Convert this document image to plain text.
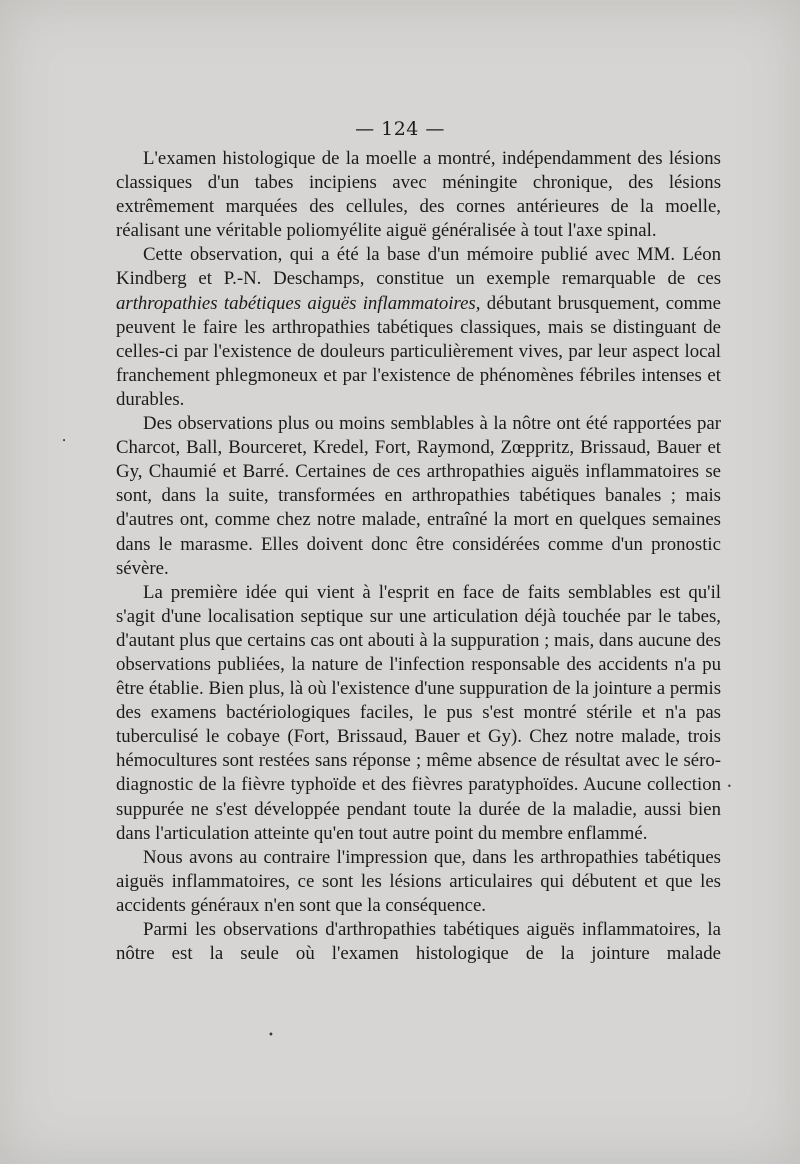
— 124 —

L'examen histologique de la moelle a montré, indépendamment des lésions classiques d'un tabes incipiens avec méningite chronique, des lésions extrêmement marquées des cellules, des cornes antérieures de la moelle, réalisant une véritable poliomyélite aiguë généralisée à tout l'axe spinal.

Cette observation, qui a été la base d'un mémoire publié avec MM. Léon Kindberg et P.-N. Deschamps, constitue un exemple remarquable de ces arthropathies tabétiques aiguës inflammatoires, débutant brusquement, comme peuvent le faire les arthropathies tabétiques classiques, mais se distinguant de celles-ci par l'existence de douleurs particulièrement vives, par leur aspect local franchement phlegmoneux et par l'existence de phénomènes fébriles intenses et durables.

Des observations plus ou moins semblables à la nôtre ont été rapportées par Charcot, Ball, Bourceret, Kredel, Fort, Raymond, Zœppritz, Brissaud, Bauer et Gy, Chaumié et Barré. Certaines de ces arthropathies aiguës inflammatoires se sont, dans la suite, transformées en arthropathies tabétiques banales ; mais d'autres ont, comme chez notre malade, entraîné la mort en quelques semaines dans le marasme. Elles doivent donc être considérées comme d'un pronostic sévère.

La première idée qui vient à l'esprit en face de faits semblables est qu'il s'agit d'une localisation septique sur une articulation déjà touchée par le tabes, d'autant plus que certains cas ont abouti à la suppuration ; mais, dans aucune des observations publiées, la nature de l'infection responsable des accidents n'a pu être établie. Bien plus, là où l'existence d'une suppuration de la jointure a permis des examens bactériologiques faciles, le pus s'est montré stérile et n'a pas tuberculisé le cobaye (Fort, Brissaud, Bauer et Gy). Chez notre malade, trois hémocultures sont restées sans réponse ; même absence de résultat avec le séro-diagnostic de la fièvre typhoïde et des fièvres paratyphoïdes. Aucune collection suppurée ne s'est développée pendant toute la durée de la maladie, aussi bien dans l'articulation atteinte qu'en tout autre point du membre enflammé.

Nous avons au contraire l'impression que, dans les arthropathies tabétiques aiguës inflammatoires, ce sont les lésions articulaires qui débutent et que les accidents généraux n'en sont que la conséquence.

Parmi les observations d'arthropathies tabétiques aiguës inflammatoires, la nôtre est la seule où l'examen histologique de la jointure malade

•
•
•
